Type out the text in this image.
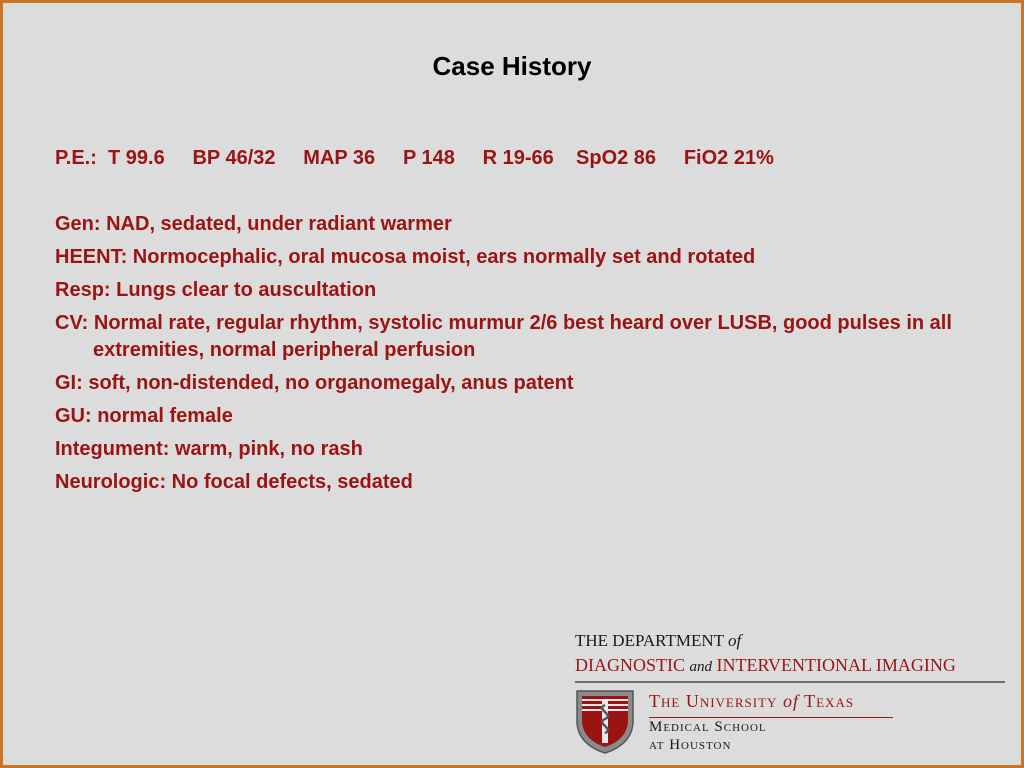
Case History
P.E.:  T 99.6     BP 46/32     MAP 36     P 148     R 19-66    SpO2 86     FiO2 21%
Gen: NAD, sedated, under radiant warmer
HEENT: Normocephalic, oral mucosa moist, ears normally set and rotated
Resp: Lungs clear to auscultation
CV: Normal rate, regular rhythm, systolic murmur 2/6 best heard over LUSB, good pulses in all extremities, normal peripheral perfusion
GI: soft, non-distended, no organomegaly, anus patent
GU: normal female
Integument: warm, pink, no rash
Neurologic: No focal defects, sedated
THE DEPARTMENT of
DIAGNOSTIC and INTERVENTIONAL IMAGING
The University of Texas
Medical School
at Houston
